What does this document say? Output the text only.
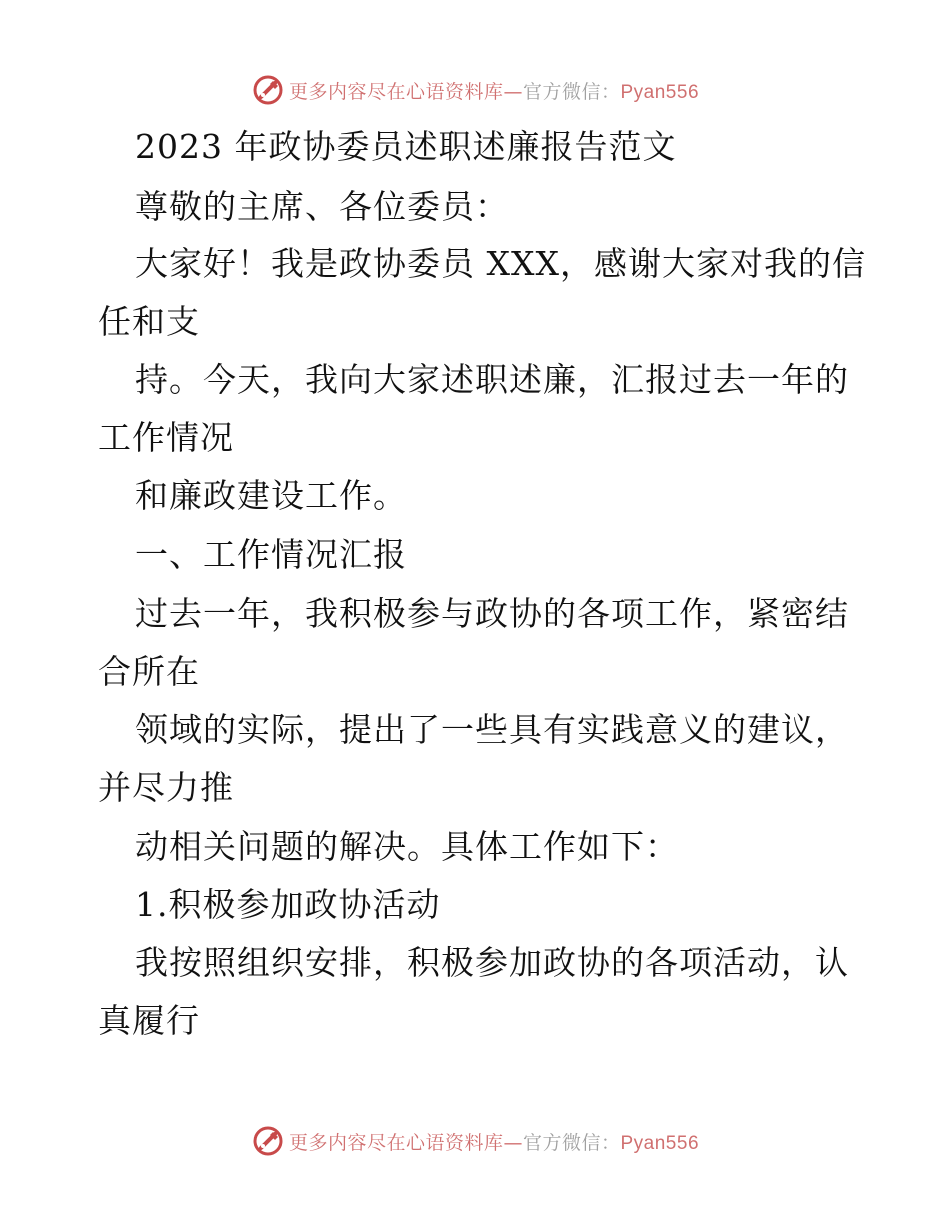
更多内容尽在心语资料库—官方微信：Pyan556
2023 年政协委员述职述廉报告范文
尊敬的主席、各位委员：
大家好！我是政协委员 XXX，感谢大家对我的信
任和支
持。今天，我向大家述职述廉，汇报过去一年的
工作情况
和廉政建设工作。
一、工作情况汇报
过去一年，我积极参与政协的各项工作，紧密结
合所在
领域的实际，提出了一些具有实践意义的建议，
并尽力推
动相关问题的解决。具体工作如下：
1.积极参加政协活动
我按照组织安排，积极参加政协的各项活动，认
真履行
更多内容尽在心语资料库—官方微信：Pyan556
